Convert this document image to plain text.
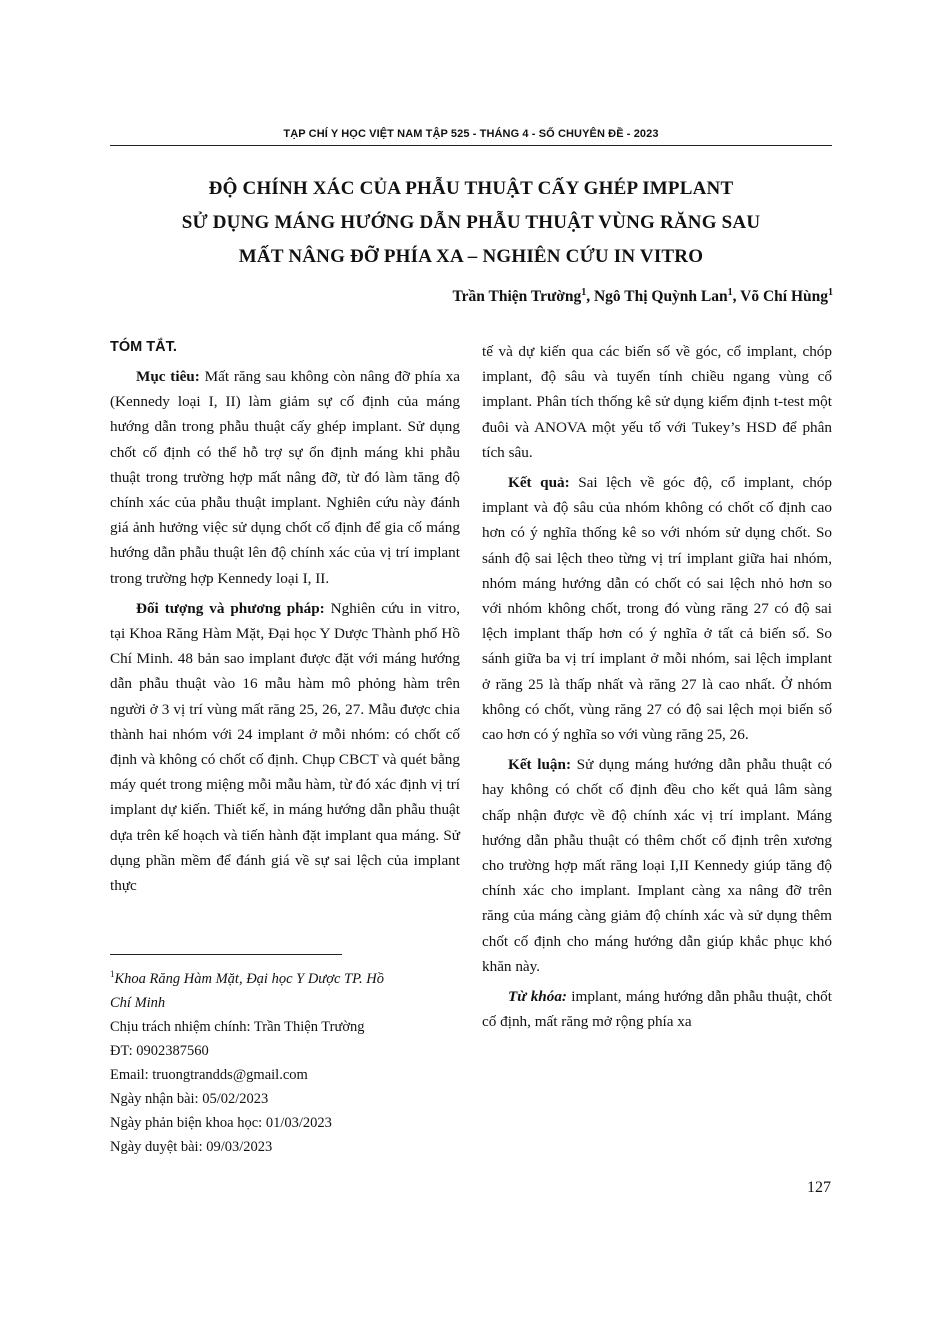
TẠP CHÍ Y HỌC VIỆT NAM TẬP 525 - THÁNG 4 - SỐ CHUYÊN ĐỀ - 2023
ĐỘ CHÍNH XÁC CỦA PHẪU THUẬT CẤY GHÉP IMPLANT
SỬ DỤNG MÁNG HƯỚNG DẪN PHẪU THUẬT VÙNG RĂNG SAU
MẤT NÂNG ĐỠ PHÍA XA – NGHIÊN CỨU IN VITRO
Trần Thiện Trường$^1$, Ngô Thị Quỳnh Lan$^1$, Võ Chí Hùng$^1$
TÓM TẮT.

Mục tiêu: Mất răng sau không còn nâng đỡ phía xa (Kennedy loại I, II) làm giảm sự cố định của máng hướng dẫn trong phẫu thuật cấy ghép implant. Sử dụng chốt cố định có thể hỗ trợ sự ổn định máng khi phẫu thuật trong trường hợp mất nâng đỡ, từ đó làm tăng độ chính xác của phẫu thuật implant. Nghiên cứu này đánh giá ảnh hưởng việc sử dụng chốt cố định để gia cố máng hướng dẫn phẫu thuật lên độ chính xác của vị trí implant trong trường hợp Kennedy loại I, II.

Đối tượng và phương pháp: Nghiên cứu in vitro, tại Khoa Răng Hàm Mặt, Đại học Y Dược Thành phố Hồ Chí Minh. 48 bản sao implant được đặt với máng hướng dẫn phẫu thuật vào 16 mẫu hàm mô phỏng hàm trên người ở 3 vị trí vùng mất răng 25, 26, 27. Mẫu được chia thành hai nhóm với 24 implant ở mỗi nhóm: có chốt cố định và không có chốt cố định. Chụp CBCT và quét bằng máy quét trong miệng mỗi mẫu hàm, từ đó xác định vị trí implant dự kiến. Thiết kế, in máng hướng dẫn phẫu thuật dựa trên kế hoạch và tiến hành đặt implant qua máng. Sử dụng phần mềm để đánh giá về sự sai lệch của implant thực

$^1$Khoa Răng Hàm Mặt, Đại học Y Dược TP. Hồ
Chí Minh
Chịu trách nhiệm chính: Trần Thiện Trường
ĐT: 0902387560
Email: truongtrandds@gmail.com
Ngày nhận bài: 05/02/2023
Ngày phản biện khoa học: 01/03/2023
Ngày duyệt bài: 09/03/2023

tế và dự kiến qua các biến số về góc, cổ implant, chóp implant, độ sâu và tuyến tính chiều ngang vùng cổ implant. Phân tích thống kê sử dụng kiểm định t-test một đuôi và ANOVA một yếu tố với Tukey’s HSD để phân tích sâu.

Kết quả: Sai lệch về góc độ, cổ implant, chóp implant và độ sâu của nhóm không có chốt cố định cao hơn có ý nghĩa thống kê so với nhóm sử dụng chốt. So sánh độ sai lệch theo từng vị trí implant giữa hai nhóm, nhóm máng hướng dẫn có chốt có sai lệch nhỏ hơn so với nhóm không chốt, trong đó vùng răng 27 có độ sai lệch implant thấp hơn có ý nghĩa ở tất cả biến số. So sánh giữa ba vị trí implant ở mỗi nhóm, sai lệch implant ở răng 25 là thấp nhất và răng 27 là cao nhất. Ở nhóm không có chốt, vùng răng 27 có độ sai lệch mọi biến số cao hơn có ý nghĩa so với vùng răng 25, 26.

Kết luận: Sử dụng máng hướng dẫn phẫu thuật có hay không có chốt cố định đều cho kết quả lâm sàng chấp nhận được về độ chính xác vị trí implant. Máng hướng dẫn phẫu thuật có thêm chốt cố định trên xương cho trường hợp mất răng loại I,II Kennedy giúp tăng độ chính xác cho implant. Implant càng xa nâng đỡ trên răng của máng càng giảm độ chính xác và sử dụng thêm chốt cố định cho máng hướng dẫn giúp khắc phục khó khăn này.

Từ khóa: implant, máng hướng dẫn phẫu thuật, chốt cố định, mất răng mở rộng phía xa

127
